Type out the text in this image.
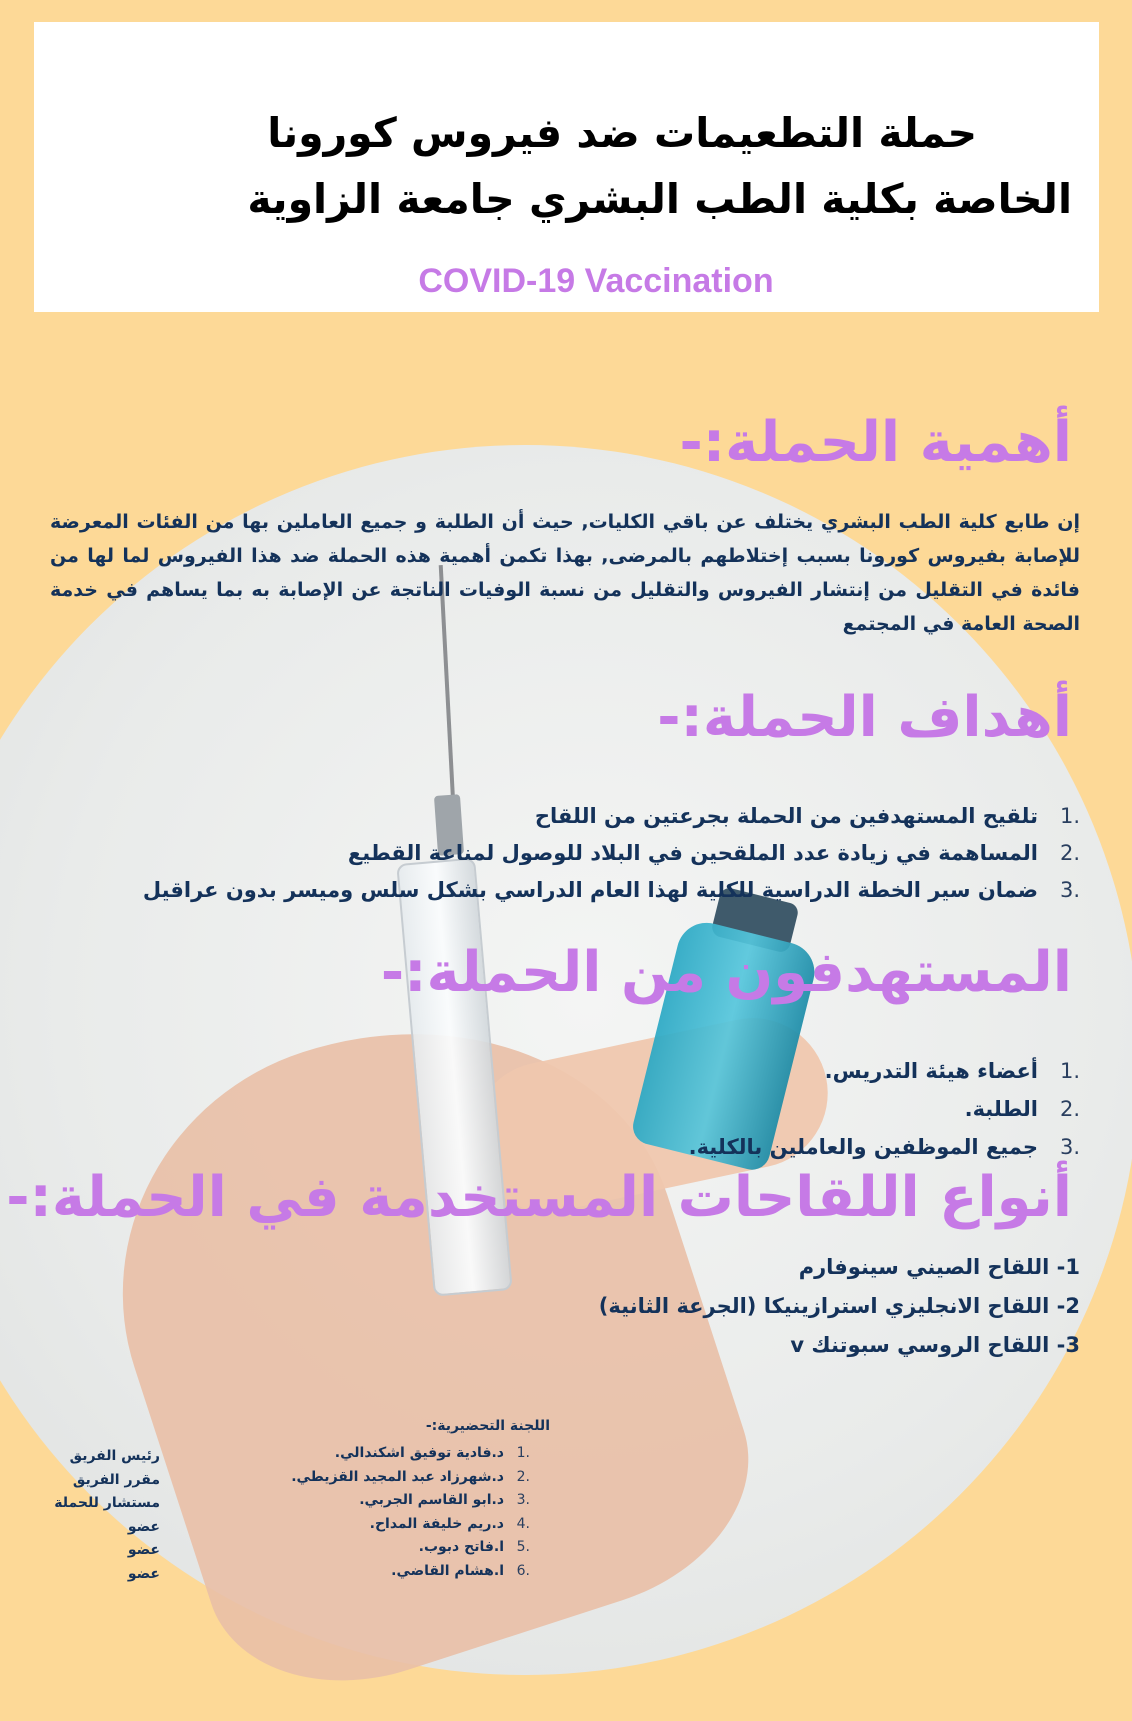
حملة التطعيمات ضد فيروس كورونا
الخاصة بكلية الطب البشري جامعة الزاوية
COVID-19 Vaccination
أهمية الحملة:-

إن طابع كلية الطب البشري يختلف عن باقي الكليات, حيث أن الطلبة و جميع العاملين بها من الفئات المعرضة للإصابة بفيروس كورونا بسبب إختلاطهم بالمرضى, بهذا تكمن أهمية هذه الحملة ضد هذا الفيروس لما لها من فائدة في التقليل من إنتشار الفيروس والتقليل من نسبة الوفيات الناتجة عن الإصابة به بما يساهم في خدمة الصحة العامة في المجتمع

أهداف الحملة:-
.1
تلقيح المستهدفين من الحملة بجرعتين من اللقاح
.2
المساهمة في زيادة عدد الملقحين في البلاد للوصول لمناعة القطيع
.3
ضمان سير الخطة الدراسية للكلية لهذا العام الدراسي بشكل سلس وميسر بدون عراقيل
المستهدفون من الحملة:-
.1
أعضاء هيئة التدريس.
.2
الطلبة.
.3
جميع الموظفين والعاملين بالكلية.
أنواع اللقاحات المستخدمة في الحملة:-
1- اللقاح الصيني سينوفارم
2- اللقاح الانجليزي استرازينيكا (الجرعة الثانية)
3- اللقاح الروسي سبوتنك v
اللجنة التحضيرية:-
.1
د.فادية توفيق اشكندالي.
.2
د.شهرزاد عبد المجيد القزيطي.
.3
د.ابو القاسم الجربي.
.4
د.ريم خليفة المداح.
.5
ا.فاتح دبوب.
.6
ا.هشام القاضي.
رئيس الفريق
مقرر الفريق
مستشار للحملة
عضو
عضو
عضو
